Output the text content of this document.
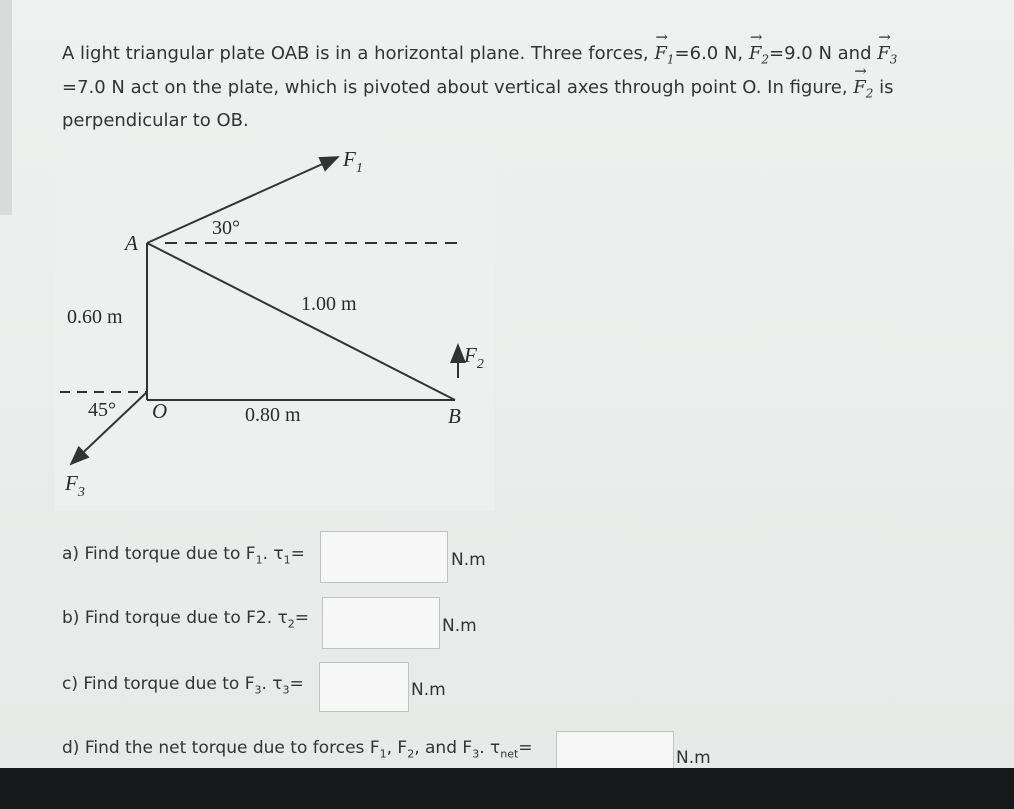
A light triangular plate OAB is in a horizontal plane. Three forces, → $F_1=6.0$ N, → $F_2=9.0$ N and → $F_3$
=7.0 N act on the plate, which is pivoted about vertical axes through point O. In figure, → $F_2$ is
perpendicular to OB.
A
O	B
$F_1$
$F_2$
$F_3$
30°
45°
0.60 m
1.00 m
0.80 m
a) Find torque due to $F_1$. $\tau_1=$	N.m
b) Find torque due to F2. $\tau_2=$	N.m
c) Find torque due to $F_3$. $\tau_3=$	N.m
d) Find the net torque due to forces $F_1$, $F_2$, and $F_3$. $\tau_{net}=$	N.m
